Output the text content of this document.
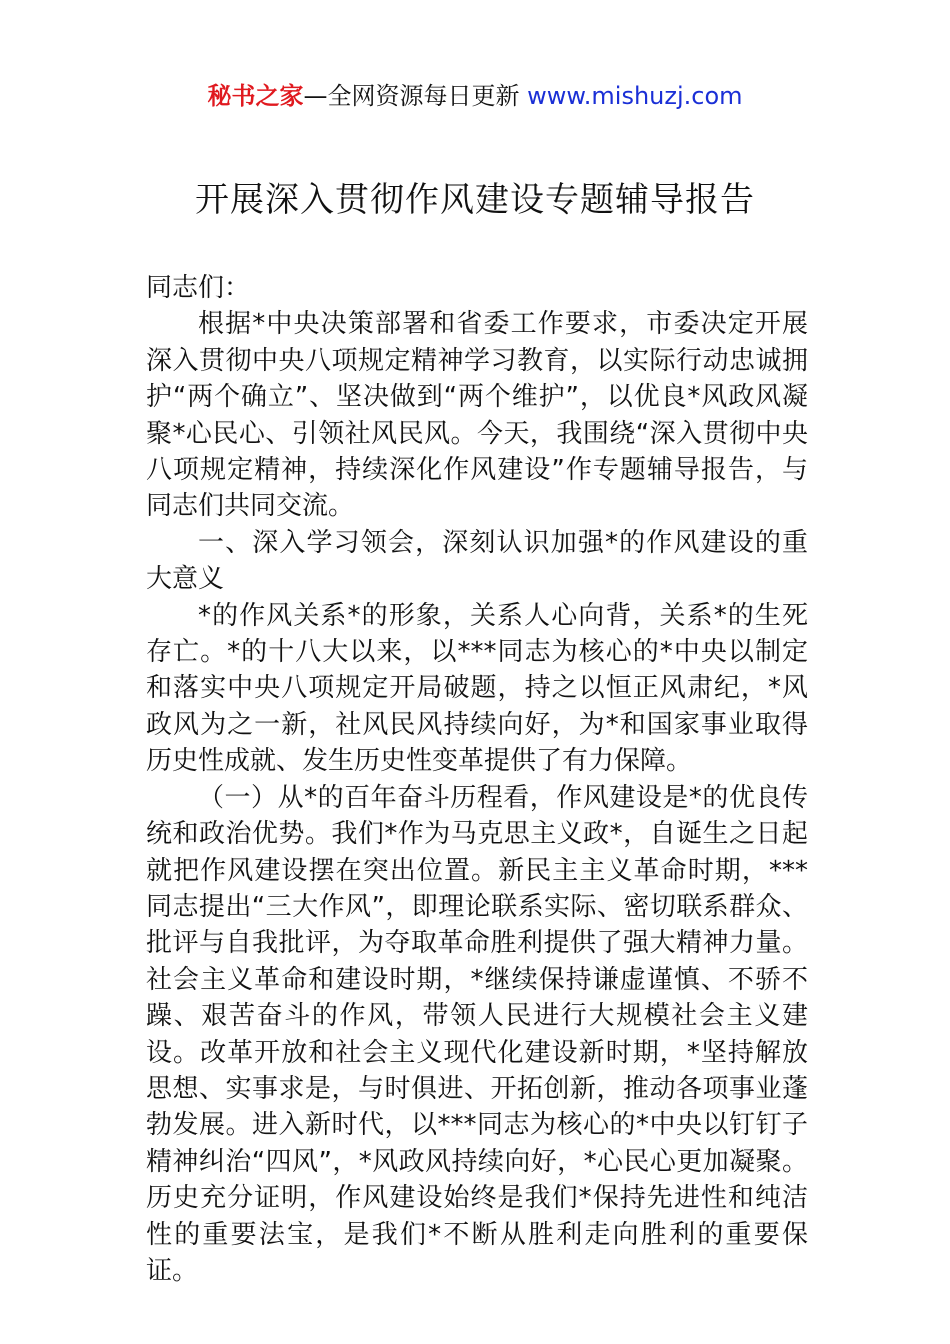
秘书之家—全网资源每日更新 www.mishuzj.com
开展深入贯彻作风建设专题辅导报告

同志们：

根据*中央决策部署和省委工作要求，市委决定开展深入贯彻中央八项规定精神学习教育，以实际行动忠诚拥护“两个确立”、坚决做到“两个维护”，以优良*风政风凝聚*心民心、引领社风民风。今天，我围绕“深入贯彻中央八项规定精神，持续深化作风建设”作专题辅导报告，与同志们共同交流。

一、深入学习领会，深刻认识加强*的作风建设的重大意义

*的作风关系*的形象，关系人心向背，关系*的生死存亡。*的十八大以来，以***同志为核心的*中央以制定和落实中央八项规定开局破题，持之以恒正风肃纪，*风政风为之一新，社风民风持续向好，为*和国家事业取得历史性成就、发生历史性变革提供了有力保障。

（一）从*的百年奋斗历程看，作风建设是*的优良传统和政治优势。我们*作为马克思主义政*，自诞生之日起就把作风建设摆在突出位置。新民主主义革命时期，***同志提出“三大作风”，即理论联系实际、密切联系群众、批评与自我批评，为夺取革命胜利提供了强大精神力量。社会主义革命和建设时期，*继续保持谦虚谨慎、不骄不躁、艰苦奋斗的作风，带领人民进行大规模社会主义建设。改革开放和社会主义现代化建设新时期，*坚持解放思想、实事求是，与时俱进、开拓创新，推动各项事业蓬勃发展。进入新时代，以***同志为核心的*中央以钉钉子精神纠治“四风”，*风政风持续向好，*心民心更加凝聚。历史充分证明，作风建设始终是我们*保持先进性和纯洁性的重要法宝，是我们*不断从胜利走向胜利的重要保证。
